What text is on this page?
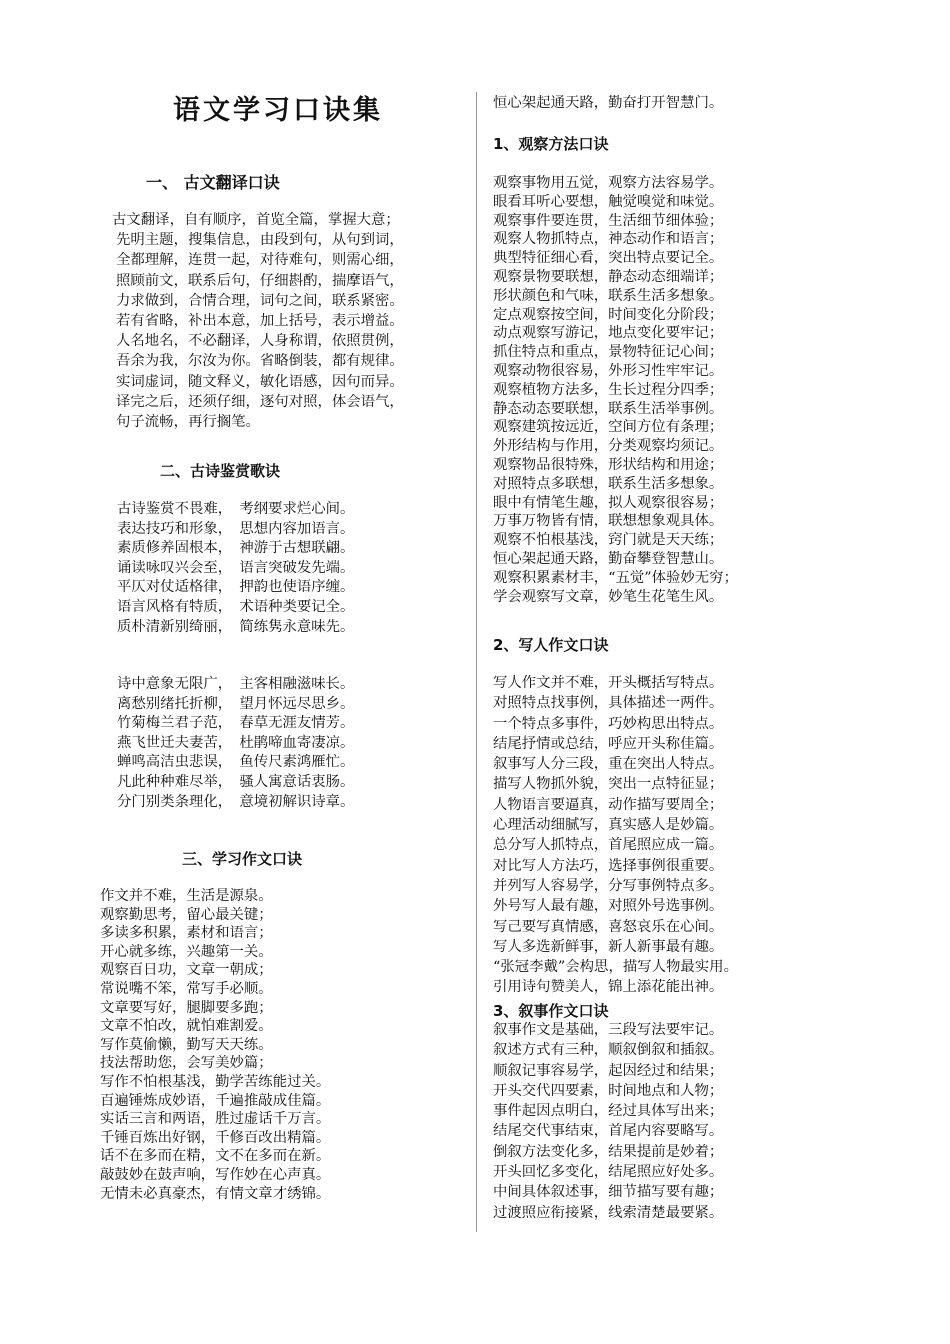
语文学习口诀集
一、 古文翻译口诀
古文翻译，自有顺序，首览全篇，掌握大意；
先明主题，搜集信息，由段到句，从句到词，
全都理解，连贯一起，对待难句，则需心细，
照顾前文，联系后句，仔细斟酌，揣摩语气，
力求做到，合情合理，词句之间，联系紧密。
若有省略，补出本意，加上括号，表示增益。
人名地名，不必翻译，人身称谓，依照贯例，
吾余为我，尔汝为你。省略倒装，都有规律。
实词虚词，随文释义，敏化语感，因句而异。
译完之后，还须仔细，逐句对照，体会语气，
句子流畅，再行搁笔。
二、古诗鉴赏歌诀
古诗鉴赏不畏难，　考纲要求烂心间。
表达技巧和形象，　思想内容加语言。
素质修养固根本，　神游于古想联翩。
诵读咏叹兴会至，　语言突破发先端。
平仄对仗适格律，　押韵也使语序缠。
语言风格有特质，　术语种类要记全。
质朴清新别绮丽，　简练隽永意味先。
诗中意象无限广，　主客相融滋味长。
离愁别绪托折柳，　望月怀远尽思乡。
竹菊梅兰君子范，　春草无涯友情芳。
燕飞世迁夫妻苦，　杜鹃啼血寄凄凉。
蝉鸣高洁虫悲误，　鱼传尺素鸿雁忙。
凡此种种难尽举，　骚人寓意话衷肠。
分门别类条理化，　意境初解识诗章。
三、学习作文口诀
作文并不难，生活是源泉。
观察勤思考，留心最关键；
多读多积累，素材和语言；
开心就多练，兴趣第一关。
观察百日功，文章一朝成；
常说嘴不笨，常写手必顺。
文章要写好，腿脚要多跑；
文章不怕改，就怕难割爱。
写作莫偷懒，勤写天天练。
技法帮助您，会写美妙篇；
写作不怕根基浅，勤学苦练能过关。
百遍锤炼成妙语，千遍推敲成佳篇。
实话三言和两语，胜过虚话千万言。
千锤百炼出好钢，千修百改出精篇。
话不在多而在精，文不在多而在新。
敲鼓妙在鼓声响，写作妙在心声真。
无情未必真豪杰，有情文章才绣锦。
恒心架起通天路，勤奋打开智慧门。
1、观察方法口诀
观察事物用五觉，观察方法容易学。
眼看耳听心要想，触觉嗅觉和味觉。
观察事件要连贯，生活细节细体验；
观察人物抓特点，神态动作和语言；
典型特征细心看，突出特点要记全。
观察景物要联想，静态动态细端详；
形状颜色和气味，联系生活多想象。
定点观察按空间，时间变化分阶段；
动点观察写游记，地点变化要牢记；
抓住特点和重点，景物特征记心间；
观察动物很容易，外形习性牢牢记。
观察植物方法多，生长过程分四季；
静态动态要联想，联系生活举事例。
观察建筑按远近，空间方位有条理；
外形结构与作用，分类观察均须记。
观察物品很特殊，形状结构和用途；
对照特点多联想，联系生活多想象。
眼中有情笔生趣，拟人观察很容易；
万事万物皆有情，联想想象观具体。
观察不怕根基浅，窍门就是天天练；
恒心架起通天路，勤奋攀登智慧山。
观察积累素材丰，“五觉”体验妙无穷；
学会观察写文章，妙笔生花笔生风。
2、写人作文口诀
写人作文并不难，开头概括写特点。
对照特点找事例，具体描述一两件。
一个特点多事件，巧妙构思出特点。
结尾抒情或总结，呼应开头称佳篇。
叙事写人分三段，重在突出人特点。
描写人物抓外貌，突出一点特征显；
人物语言要逼真，动作描写要周全；
心理活动细腻写，真实感人是妙篇。
总分写人抓特点，首尾照应成一篇。
对比写人方法巧，选择事例很重要。
并列写人容易学，分写事例特点多。
外号写人最有趣，对照外号选事例。
写己要写真情感，喜怒哀乐在心间。
写人多选新鲜事，新人新事最有趣。
“张冠李戴”会构思，描写人物最实用。
引用诗句赞美人，锦上添花能出神。
3、叙事作文口诀
叙事作文是基础，三段写法要牢记。
叙述方式有三种，顺叙倒叙和插叙。
顺叙记事容易学，起因经过和结果；
开头交代四要素，时间地点和人物；
事件起因点明白，经过具体写出来；
结尾交代事结束，首尾内容要略写。
倒叙方法变化多，结果提前是妙着；
开头回忆多变化，结尾照应好处多。
中间具体叙述事，细节描写要有趣；
过渡照应衔接紧，线索清楚最要紧。
